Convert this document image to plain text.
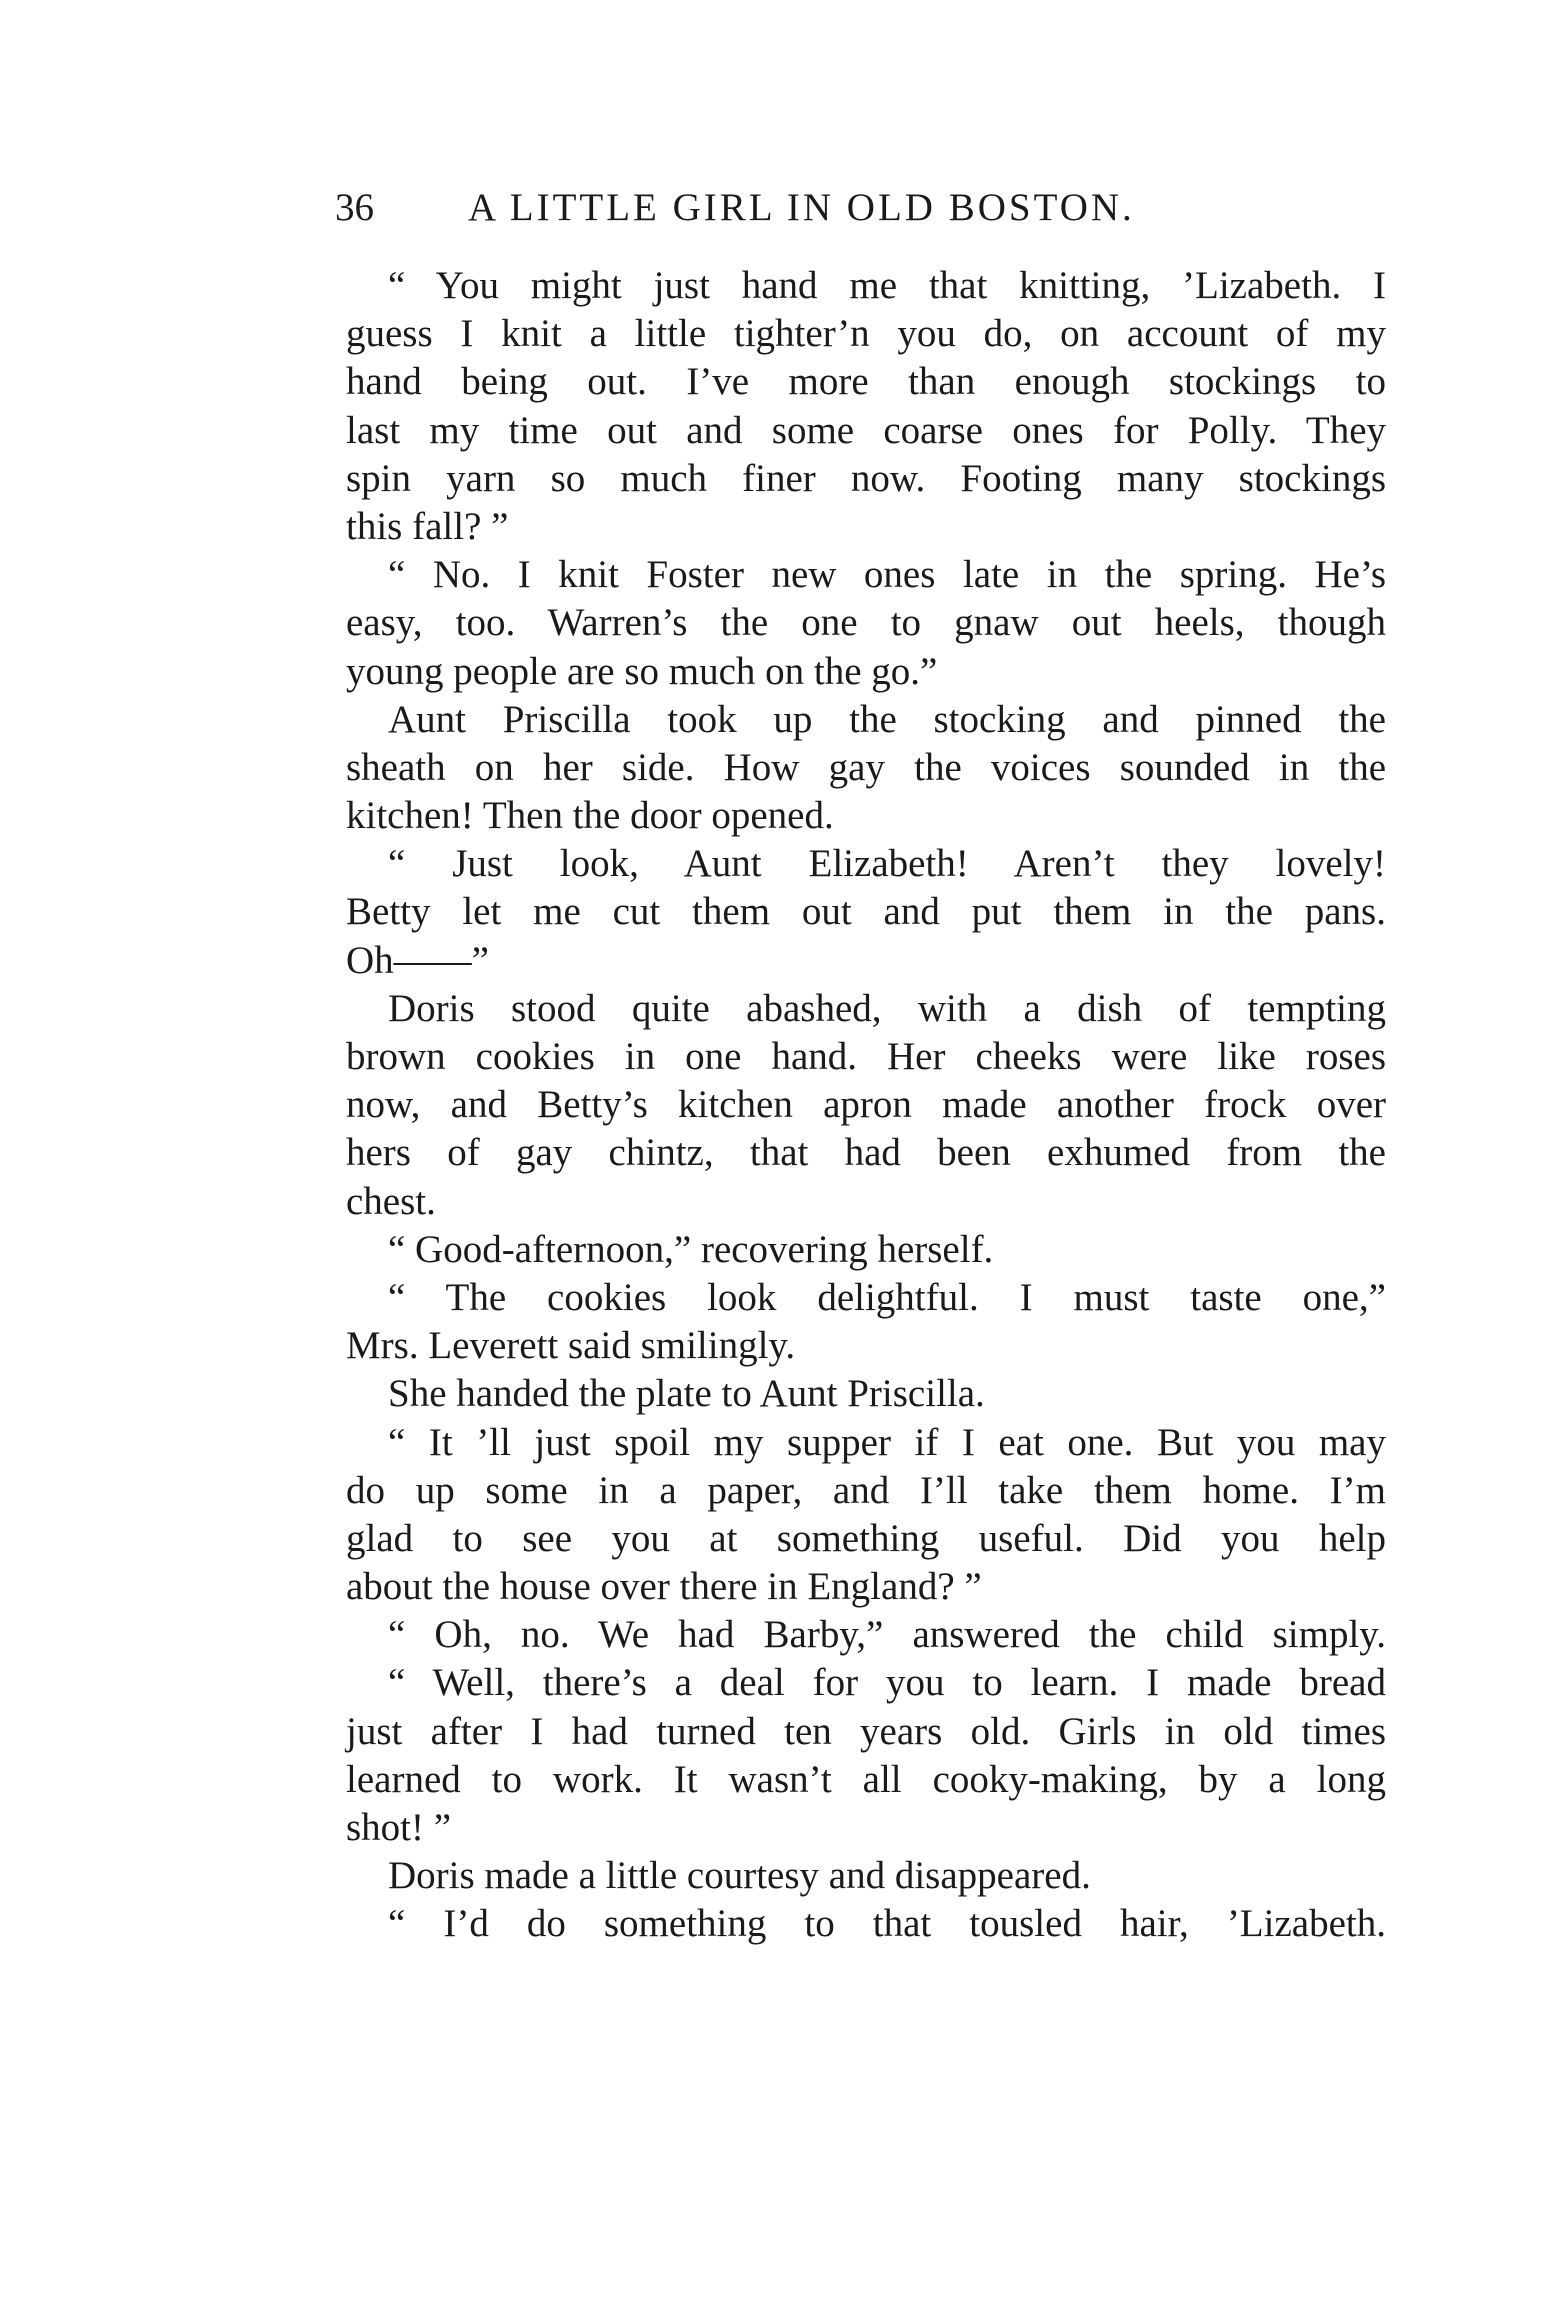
36 A LITTLE GIRL IN OLD BOSTON.
“ You might just hand me that knitting, ’Lizabeth. I
guess I knit a little tighter’n you do, on account of my
hand being out. I’ve more than enough stockings to
last my time out and some coarse ones for Polly. They
spin yarn so much finer now. Footing many stockings
this fall? ”
“ No. I knit Foster new ones late in the spring. He’s
easy, too. Warren’s the one to gnaw out heels, though
young people are so much on the go.”
Aunt Priscilla took up the stocking and pinned the
sheath on her side. How gay the voices sounded in the
kitchen! Then the door opened.
“ Just look, Aunt Elizabeth! Aren’t they lovely!
Betty let me cut them out and put them in the pans.
Oh——”
Doris stood quite abashed, with a dish of tempting
brown cookies in one hand. Her cheeks were like roses
now, and Betty’s kitchen apron made another frock over
hers of gay chintz, that had been exhumed from the
chest.
“ Good-afternoon,” recovering herself.
“ The cookies look delightful. I must taste one,”
Mrs. Leverett said smilingly.
She handed the plate to Aunt Priscilla.
“ It ’ll just spoil my supper if I eat one. But you may
do up some in a paper, and I’ll take them home. I’m
glad to see you at something useful. Did you help
about the house over there in England? ”
“ Oh, no. We had Barby,” answered the child simply.
“ Well, there’s a deal for you to learn. I made bread
just after I had turned ten years old. Girls in old times
learned to work. It wasn’t all cooky-making, by a long
shot! ”
Doris made a little courtesy and disappeared.
“ I’d do something to that tousled hair, ’Lizabeth.
